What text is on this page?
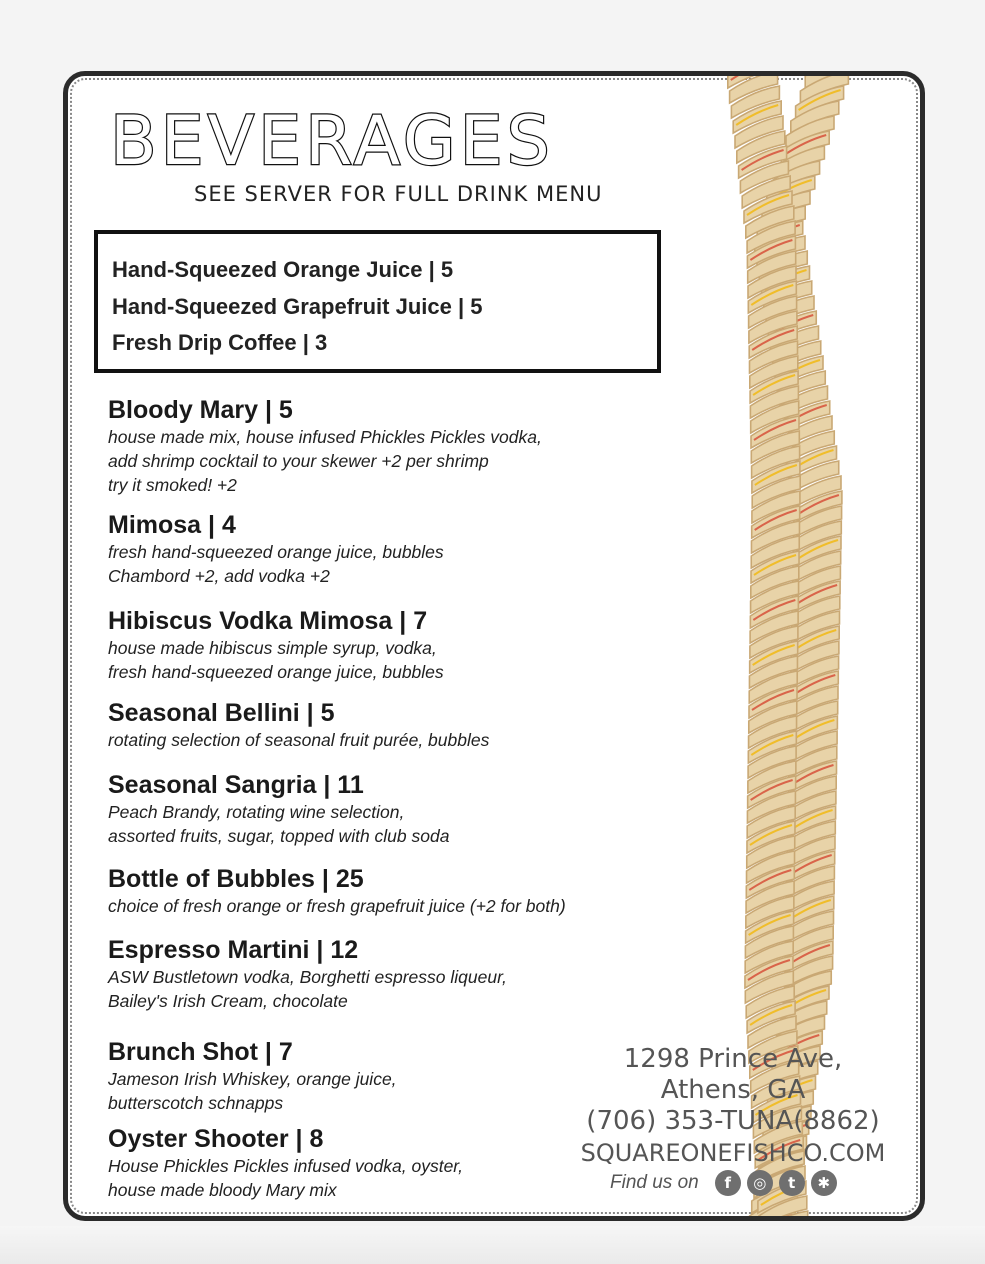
BEVERAGES
SEE SERVER FOR FULL DRINK MENU
Hand-Squeezed Orange Juice | 5
Hand-Squeezed Grapefruit Juice | 5
Fresh Drip Coffee | 3
Bloody Mary | 5
house made mix, house infused Phickles Pickles vodka,
add shrimp cocktail to your skewer +2 per shrimp
try it smoked! +2
Mimosa | 4
fresh hand-squeezed orange juice, bubbles
Chambord +2, add vodka +2
Hibiscus Vodka Mimosa | 7
house made hibiscus simple syrup, vodka,
fresh hand-squeezed orange juice, bubbles
Seasonal Bellini | 5
rotating selection of seasonal fruit purée, bubbles
Seasonal Sangria | 11
Peach Brandy, rotating wine selection,
assorted fruits, sugar, topped with club soda
Bottle of Bubbles | 25
choice of fresh orange or fresh grapefruit juice (+2 for both)
Espresso Martini | 12
ASW Bustletown vodka, Borghetti espresso liqueur,
Bailey's Irish Cream, chocolate
Brunch Shot | 7
Jameson Irish Whiskey, orange juice,
butterscotch schnapps
Oyster Shooter | 8
House Phickles Pickles infused vodka, oyster,
house made bloody Mary mix
1298 Prince Ave,
Athens, GA
(706) 353-TUNA(8862)
SQUAREONEFISHCO.COM
Find us on	f	◎	t	✱
